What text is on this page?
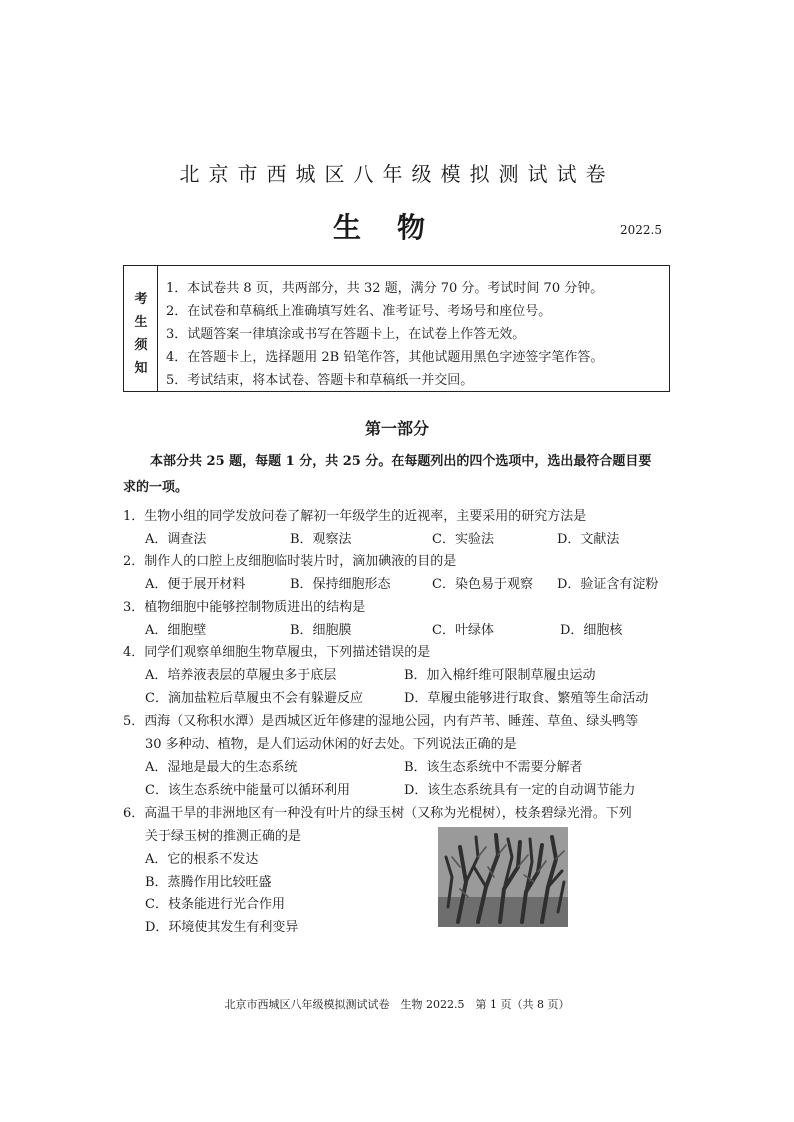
北京市西城区八年级模拟测试试卷
生物	2022.5
考
生
须
知
1．本试卷共 8 页，共两部分，共 32 题，满分 70 分。考试时间 70 分钟。
2．在试卷和草稿纸上准确填写姓名、准考证号、考场号和座位号。
3．试题答案一律填涂或书写在答题卡上，在试卷上作答无效。
4．在答题卡上，选择题用 2B 铅笔作答，其他试题用黑色字迹签字笔作答。
5．考试结束，将本试卷、答题卡和草稿纸一并交回。
第一部分
本部分共 25 题，每题 1 分，共 25 分。在每题列出的四个选项中，选出最符合题目要
求的一项。
1．生物小组的同学发放问卷了解初一年级学生的近视率，主要采用的研究方法是
A．调查法	B．观察法	C．实验法	D．文献法
2．制作人的口腔上皮细胞临时装片时，滴加碘液的目的是
A．便于展开材料	B．保持细胞形态	C．染色易于观察 D．验证含有淀粉
3．植物细胞中能够控制物质进出的结构是
A．细胞壁	B．细胞膜	C．叶绿体	D．细胞核
4．同学们观察单细胞生物草履虫，下列描述错误的是
A．培养液表层的草履虫多于底层	B．加入棉纤维可限制草履虫运动
C．滴加盐粒后草履虫不会有躲避反应	D．草履虫能够进行取食、繁殖等生命活动
5．西海（又称积水潭）是西城区近年修建的湿地公园，内有芦苇、睡莲、草鱼、绿头鸭等
30 多种动、植物，是人们运动休闲的好去处。下列说法正确的是
A．湿地是最大的生态系统	B．该生态系统中不需要分解者
C．该生态系统中能量可以循环利用	D．该生态系统具有一定的自动调节能力
6．高温干旱的非洲地区有一种没有叶片的绿玉树（又称为光棍树），枝条碧绿光滑。下列
关于绿玉树的推测正确的是
A．它的根系不发达
B．蒸腾作用比较旺盛
C．枝条能进行光合作用
D．环境使其发生有利变异
北京市西城区八年级模拟测试试卷　生物 2022.5　第 1 页（共 8 页）
